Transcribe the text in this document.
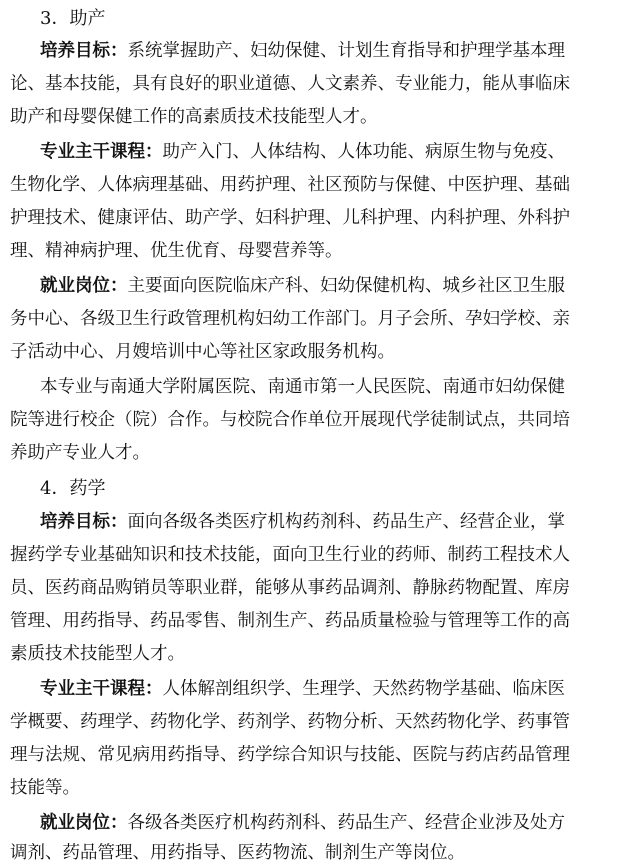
3．助产
培养目标：系统掌握助产、妇幼保健、计划生育指导和护理学基本理
论、基本技能，具有良好的职业道德、人文素养、专业能力，能从事临床
助产和母婴保健工作的高素质技术技能型人才。
专业主干课程：助产入门、人体结构、人体功能、病原生物与免疫、
生物化学、人体病理基础、用药护理、社区预防与保健、中医护理、基础
护理技术、健康评估、助产学、妇科护理、儿科护理、内科护理、外科护
理、精神病护理、优生优育、母婴营养等。
就业岗位：主要面向医院临床产科、妇幼保健机构、城乡社区卫生服
务中心、各级卫生行政管理机构妇幼工作部门。月子会所、孕妇学校、亲
子活动中心、月嫂培训中心等社区家政服务机构。
本专业与南通大学附属医院、南通市第一人民医院、南通市妇幼保健
院等进行校企（院）合作。与校院合作单位开展现代学徒制试点，共同培
养助产专业人才。
4．药学
培养目标：面向各级各类医疗机构药剂科、药品生产、经营企业，掌
握药学专业基础知识和技术技能，面向卫生行业的药师、制药工程技术人
员、医药商品购销员等职业群，能够从事药品调剂、静脉药物配置、库房
管理、用药指导、药品零售、制剂生产、药品质量检验与管理等工作的高
素质技术技能型人才。
专业主干课程：人体解剖组织学、生理学、天然药物学基础、临床医
学概要、药理学、药物化学、药剂学、药物分析、天然药物化学、药事管
理与法规、常见病用药指导、药学综合知识与技能、医院与药店药品管理
技能等。
就业岗位：各级各类医疗机构药剂科、药品生产、经营企业涉及处方
调剂、药品管理、用药指导、医药物流、制剂生产等岗位。
